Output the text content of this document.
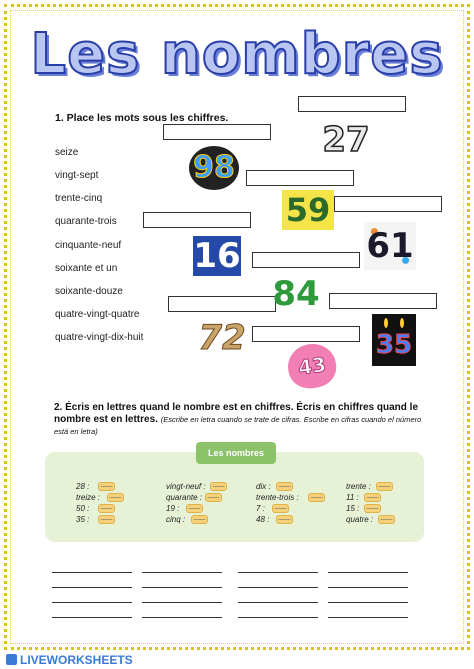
Les nombres
1. Place les mots sous les chiffres.
seize
vingt-sept
trente-cinq
quarante-trois
cinquante-neuf
soixante et un
soixante-douze
quatre-vingt-quatre
quatre-vingt-dix-huit
98
27
59
61
16
84
72	35
43
2. Écris en lettres quand le nombre est en chiffres. Écris en chiffres quand le nombre est en lettres. (Escribe en letra cuando se trate de cifras. Escribe en cifras cuando el número está en letra)
Les nombres
28 :	——
treize :	——
50 :	——
35 :	——
vingt-neuf :	——
quarante : ——
19 :	——
cinq :	——
dix :	——
trente-trois :	——
7 :	——
48 :	——
trente :	——
11 :	——
15 :	——
quatre :	——
LIVEWORKSHEETS
